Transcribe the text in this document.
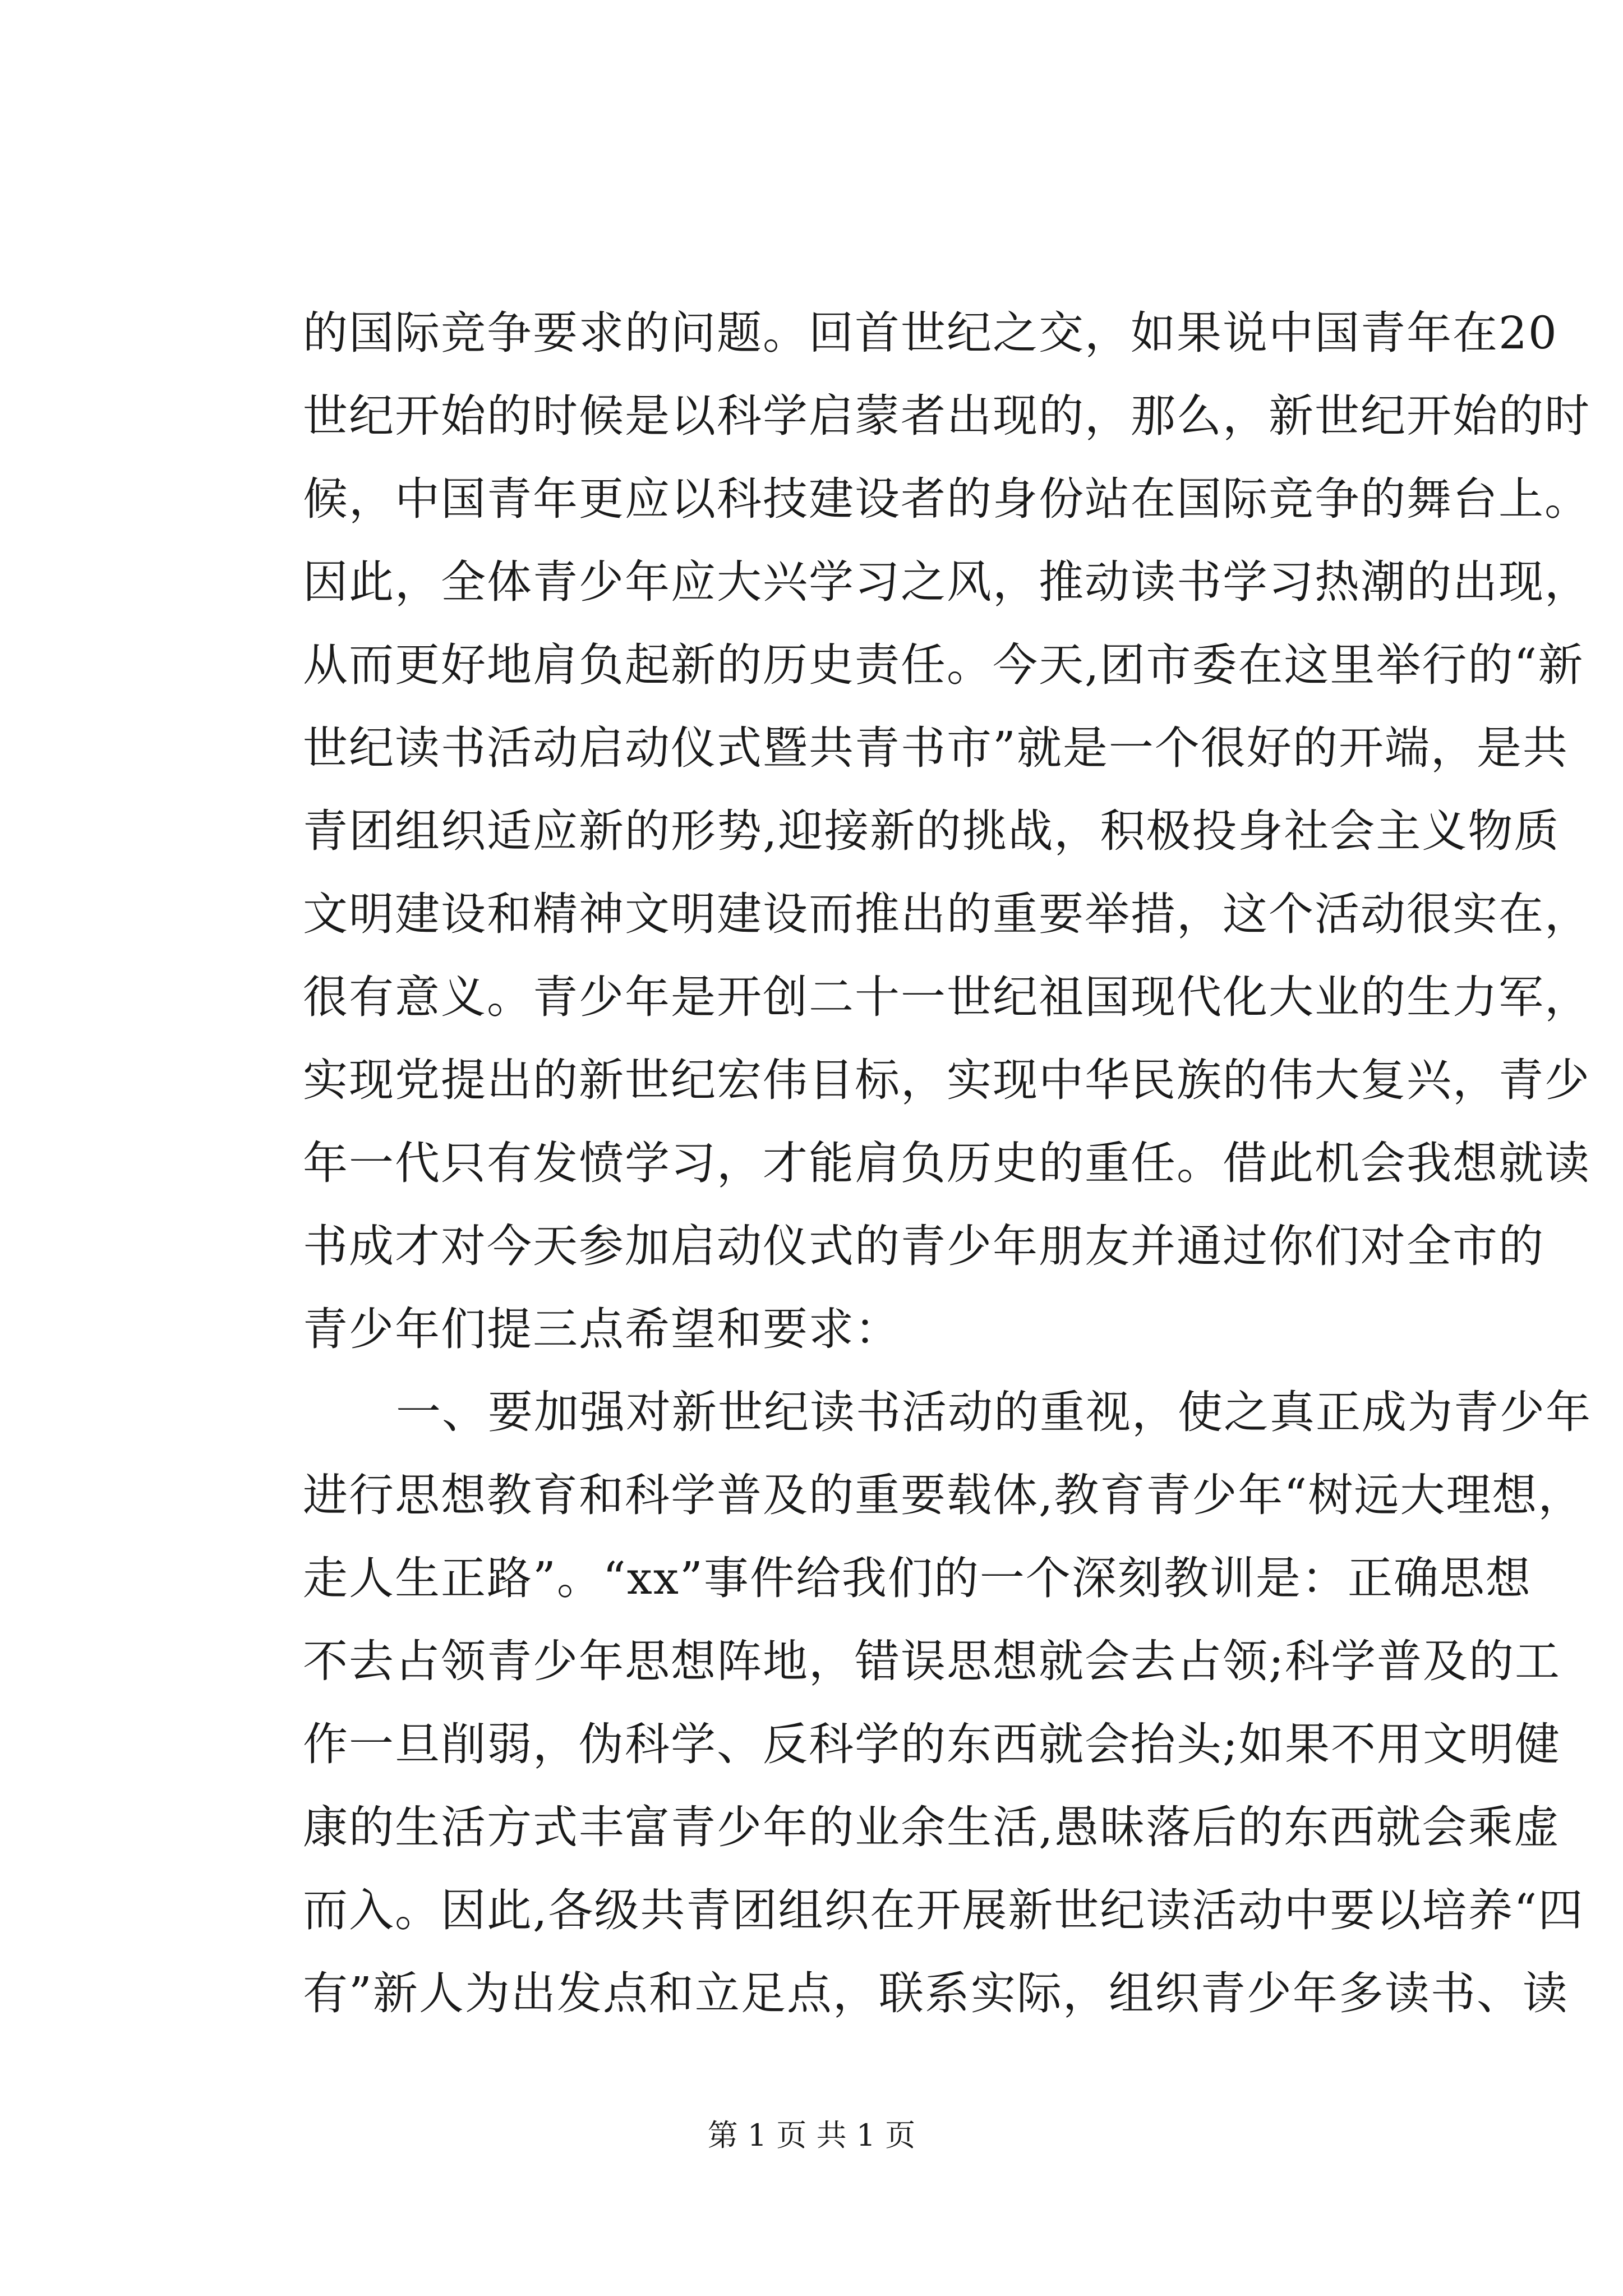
的国际竞争要求的问题。回首世纪之交，如果说中国青年在20
世纪开始的时候是以科学启蒙者出现的，那么，新世纪开始的时
候，中国青年更应以科技建设者的身份站在国际竞争的舞台上。
因此，全体青少年应大兴学习之风，推动读书学习热潮的出现，
从而更好地肩负起新的历史责任。今天,团市委在这里举行的“新
世纪读书活动启动仪式暨共青书市”就是一个很好的开端，是共
青团组织适应新的形势,迎接新的挑战，积极投身社会主义物质
文明建设和精神文明建设而推出的重要举措，这个活动很实在，
很有意义。青少年是开创二十一世纪祖国现代化大业的生力军，
实现党提出的新世纪宏伟目标，实现中华民族的伟大复兴，青少
年一代只有发愤学习，才能肩负历史的重任。借此机会我想就读
书成才对今天参加启动仪式的青少年朋友并通过你们对全市的
青少年们提三点希望和要求：
一、要加强对新世纪读书活动的重视，使之真正成为青少年
进行思想教育和科学普及的重要载体,教育青少年“树远大理想，
走人生正路”。“xx”事件给我们的一个深刻教训是：正确思想
不去占领青少年思想阵地，错误思想就会去占领;科学普及的工
作一旦削弱，伪科学、反科学的东西就会抬头;如果不用文明健
康的生活方式丰富青少年的业余生活,愚昧落后的东西就会乘虚
而入。因此,各级共青团组织在开展新世纪读活动中要以培养“四
有”新人为出发点和立足点，联系实际，组织青少年多读书、读
第 1 页 共 1 页
